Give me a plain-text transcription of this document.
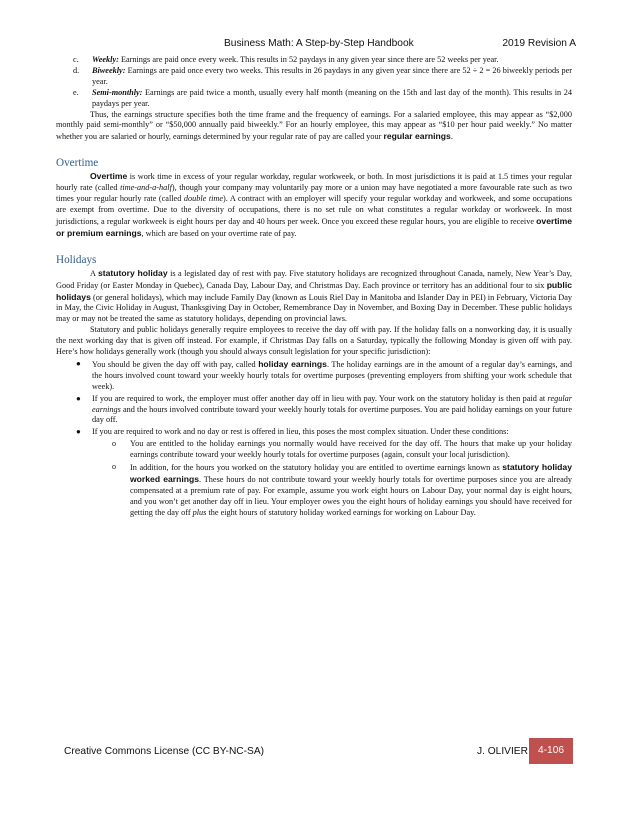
Business Math: A Step-by-Step Handbook	2019 Revision A

c. Weekly: Earnings are paid once every week. This results in 52 paydays in any given year since there are 52 weeks per year.

d. Biweekly: Earnings are paid once every two weeks. This results in 26 paydays in any given year since there are 52 ÷ 2 = 26 biweekly periods per year.

e. Semi-monthly: Earnings are paid twice a month, usually every half month (meaning on the 15th and last day of the month). This results in 24 paydays per year.

Thus, the earnings structure specifies both the time frame and the frequency of earnings. For a salaried employee, this may appear as “$2,000 monthly paid semi-monthly” or “$50,000 annually paid biweekly.” For an hourly employee, this may appear as “$10 per hour paid weekly.” No matter whether you are salaried or hourly, earnings determined by your regular rate of pay are called your regular earnings.

Overtime

Overtime is work time in excess of your regular workday, regular workweek, or both. In most jurisdictions it is paid at 1.5 times your regular hourly rate (called time-and-a-half), though your company may voluntarily pay more or a union may have negotiated a more favourable rate such as two times your regular hourly rate (called double time). A contract with an employer will specify your regular workday and workweek, and some occupations are exempt from overtime. Due to the diversity of occupations, there is no set rule on what constitutes a regular workday or workweek. In most jurisdictions, a regular workweek is eight hours per day and 40 hours per week. Once you exceed these regular hours, you are eligible to receive overtime or premium earnings, which are based on your overtime rate of pay.

Holidays

A statutory holiday is a legislated day of rest with pay. Five statutory holidays are recognized throughout Canada, namely, New Year’s Day, Good Friday (or Easter Monday in Quebec), Canada Day, Labour Day, and Christmas Day. Each province or territory has an additional four to six public holidays (or general holidays), which may include Family Day (known as Louis Riel Day in Manitoba and Islander Day in PEI) in February, Victoria Day in May, the Civic Holiday in August, Thanksgiving Day in October, Remembrance Day in November, and Boxing Day in December. These public holidays may or may not be treated the same as statutory holidays, depending on provincial laws.

Statutory and public holidays generally require employees to receive the day off with pay. If the holiday falls on a nonworking day, it is usually the next working day that is given off instead. For example, if Christmas Day falls on a Saturday, typically the following Monday is given off with pay. Here’s how holidays generally work (though you should always consult legislation for your specific jurisdiction):

● You should be given the day off with pay, called holiday earnings. The holiday earnings are in the amount of a regular day’s earnings, and the hours involved count toward your weekly hourly totals for overtime purposes (preventing employers from shifting your work schedule that week).

● If you are required to work, the employer must offer another day off in lieu with pay. Your work on the statutory holiday is then paid at regular earnings and the hours involved contribute toward your weekly hourly totals for overtime purposes. You are paid holiday earnings on your future day off.

● If you are required to work and no day or rest is offered in lieu, this poses the most complex situation. Under these conditions:

o You are entitled to the holiday earnings you normally would have received for the day off. The hours that make up your holiday earnings contribute toward your weekly hourly totals for overtime purposes (again, consult your local jurisdiction).

o In addition, for the hours you worked on the statutory holiday you are entitled to overtime earnings known as statutory holiday worked earnings. These hours do not contribute toward your weekly hourly totals for overtime purposes since you are already compensated at a premium rate of pay. For example, assume you work eight hours on Labour Day, your normal day is eight hours, and you won’t get another day off in lieu. Your employer owes you the eight hours of holiday earnings you should have received for getting the day off plus the eight hours of statutory holiday worked earnings for working on Labour Day.

Creative Commons License (CC BY-NC-SA)	J. OLIVIER 4-106
